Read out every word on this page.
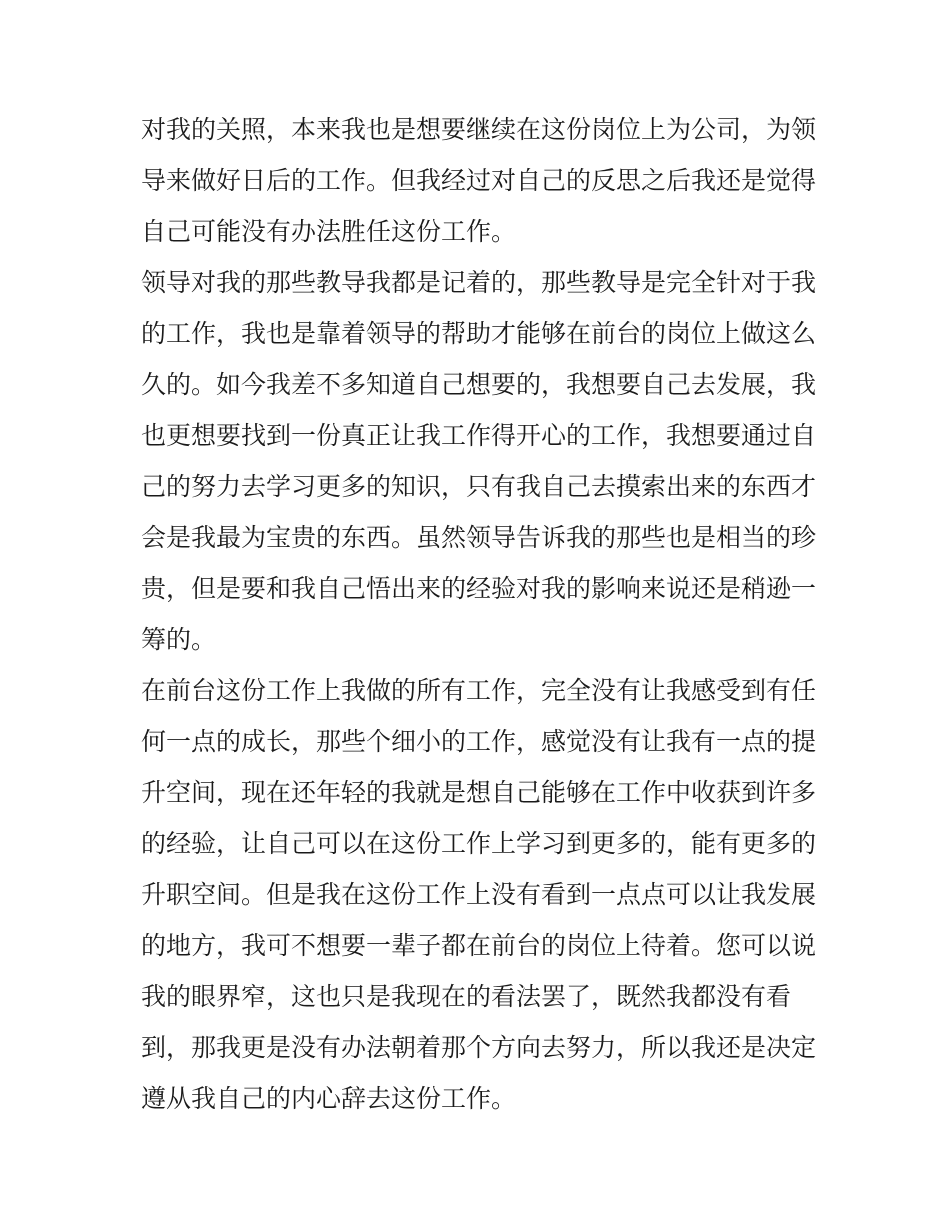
对我的关照，本来我也是想要继续在这份岗位上为公司，为领
导来做好日后的工作。但我经过对自己的反思之后我还是觉得
自己可能没有办法胜任这份工作。
领导对我的那些教导我都是记着的，那些教导是完全针对于我
的工作，我也是靠着领导的帮助才能够在前台的岗位上做这么
久的。如今我差不多知道自己想要的，我想要自己去发展，我
也更想要找到一份真正让我工作得开心的工作，我想要通过自
己的努力去学习更多的知识，只有我自己去摸索出来的东西才
会是我最为宝贵的东西。虽然领导告诉我的那些也是相当的珍
贵，但是要和我自己悟出来的经验对我的影响来说还是稍逊一
筹的。
在前台这份工作上我做的所有工作，完全没有让我感受到有任
何一点的成长，那些个细小的工作，感觉没有让我有一点的提
升空间，现在还年轻的我就是想自己能够在工作中收获到许多
的经验，让自己可以在这份工作上学习到更多的，能有更多的
升职空间。但是我在这份工作上没有看到一点点可以让我发展
的地方，我可不想要一辈子都在前台的岗位上待着。您可以说
我的眼界窄，这也只是我现在的看法罢了，既然我都没有看
到，那我更是没有办法朝着那个方向去努力，所以我还是决定
遵从我自己的内心辞去这份工作。
